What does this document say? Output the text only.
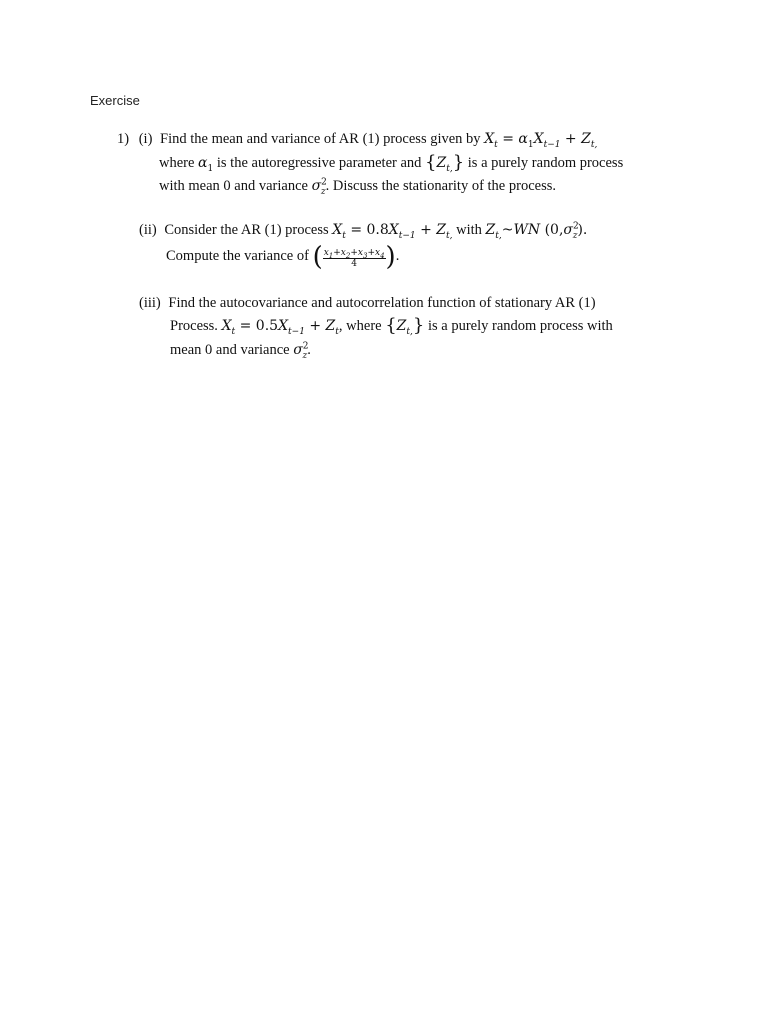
Exercise
1) (i) Find the mean and variance of AR (1) process given by $X_t = \alpha_1X_{t-1} + Z_{t,}$
where $\alpha_1$ is the autoregressive parameter and $\{Z_{t,}\}$ is a purely random process
with mean 0 and variance $\sigma^2_z$. Discuss the stationarity of the process.
(ii) Consider the AR (1) process $X_t = 0.8X_{t-1} + Z_{t,}$ with $Z_{t,}\sim WN$ $(0,\sigma^2_z)$.
Compute the variance of ( $\frac{x_1+x_2+x_3+x_4}{4}$ ).
(iii) Find the autocovariance and autocorrelation function of stationary AR (1)
Process. $X_t = 0.5X_{t-1} + Z_t$, where $\{Z_{t,}\}$ is a purely random process with
mean 0 and variance $\sigma^2_z$.
